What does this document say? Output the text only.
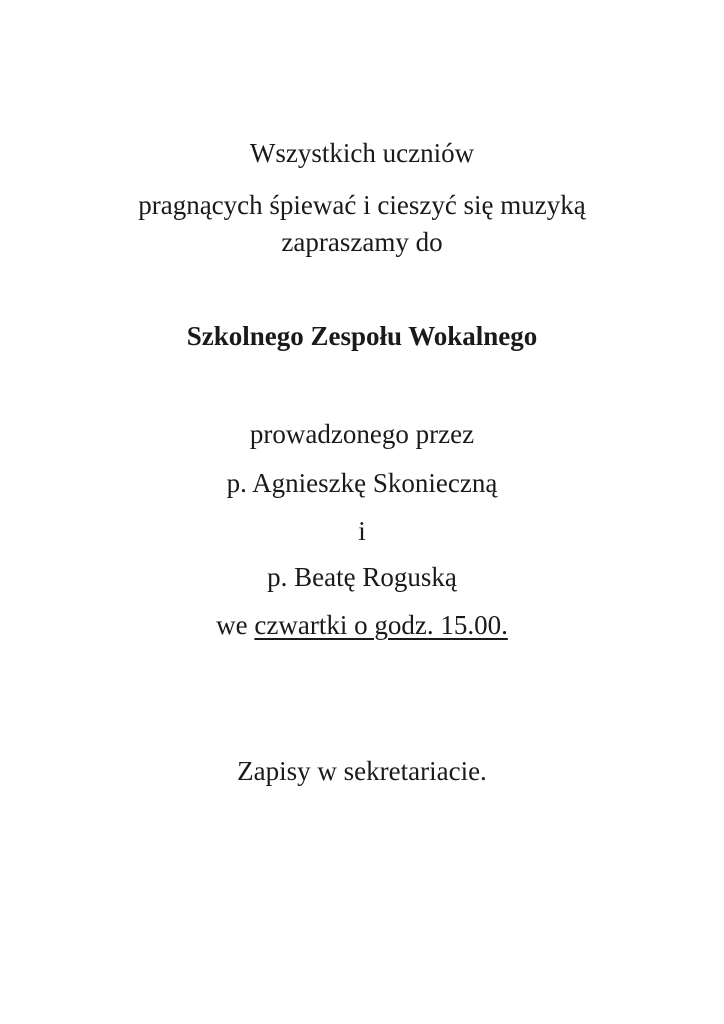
Wszystkich uczniów
pragnących śpiewać i cieszyć się muzyką
zapraszamy do
Szkolnego Zespołu Wokalnego
prowadzonego przez
p. Agnieszkę Skonieczną
i
p. Beatę Roguską
we czwartki o godz. 15.00.
Zapisy w sekretariacie.
